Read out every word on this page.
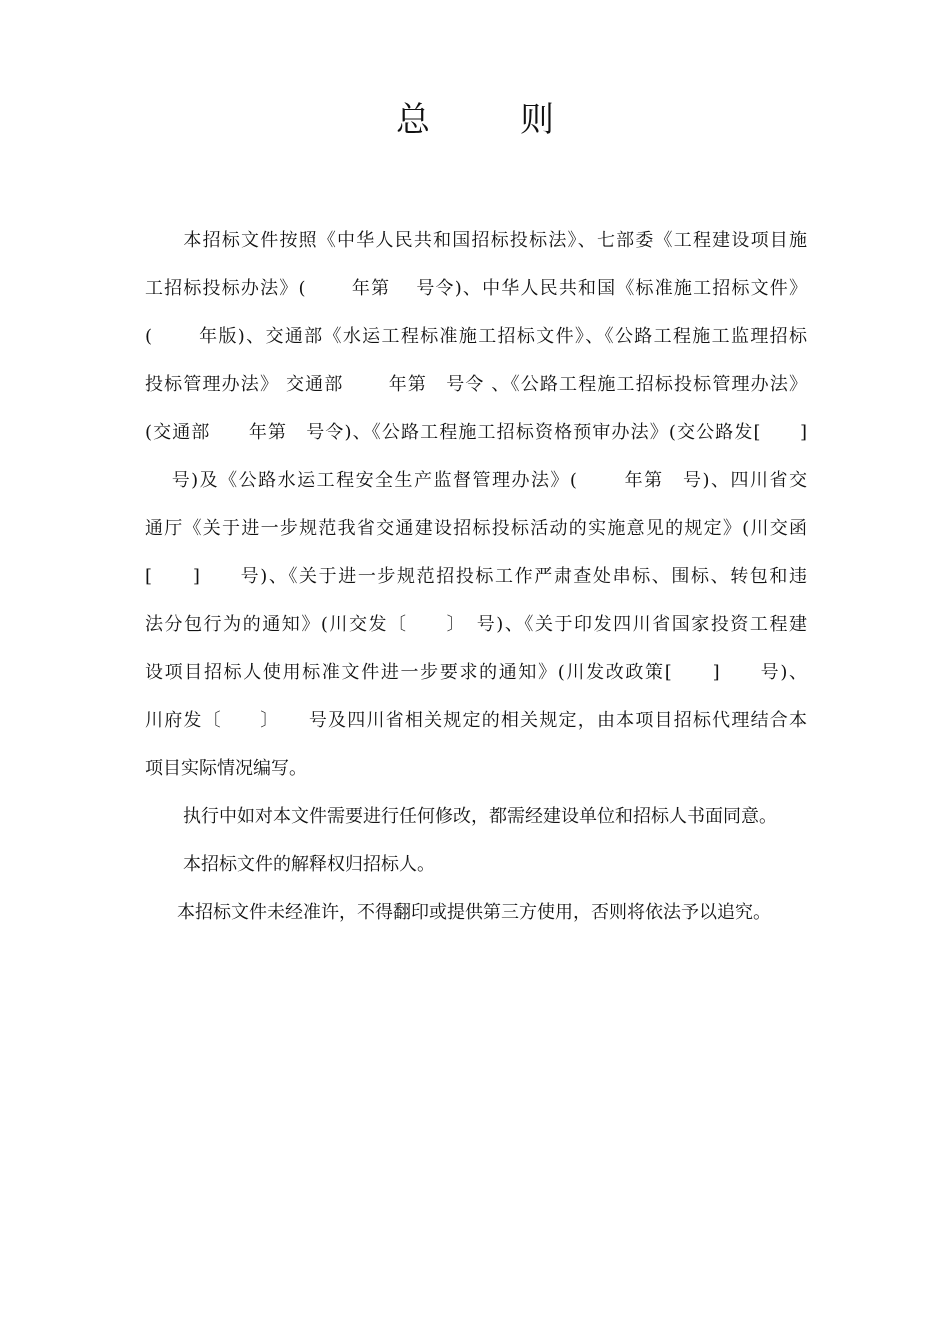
总	则
　　本招标文件按照《中华人民共和国招标投标法》、七部委《工程建设项目施
工招标投标办法》(　　 年第　 号令)、中华人民共和国《标准施工招标文件》
(　　 年版)、交通部《水运工程标准施工招标文件》、《公路工程施工监理招标
投标管理办法》 交通部　　 年第　号令 、《公路工程施工招标投标管理办法》
(交通部　　年第　号令)、《公路工程施工招标资格预审办法》(交公路发[　　]
　号)及《公路水运工程安全生产监督管理办法》(　　 年第　号)、四川省交
通厅《关于进一步规范我省交通建设招标投标活动的实施意见的规定》(川交函
[　　]　　号)、《关于进一步规范招投标工作严肃查处串标、围标、转包和违
法分包行为的通知》(川交发〔　　〕　号)、《关于印发四川省国家投资工程建
设项目招标人使用标准文件进一步要求的通知》(川发改政策[　　]　　号)、
川府发〔　　〕　　号及四川省相关规定的相关规定，由本项目招标代理结合本
项目实际情况编写。
执行中如对本文件需要进行任何修改，都需经建设单位和招标人书面同意。
本招标文件的解释权归招标人。
本招标文件未经准许，不得翻印或提供第三方使用，否则将依法予以追究。
